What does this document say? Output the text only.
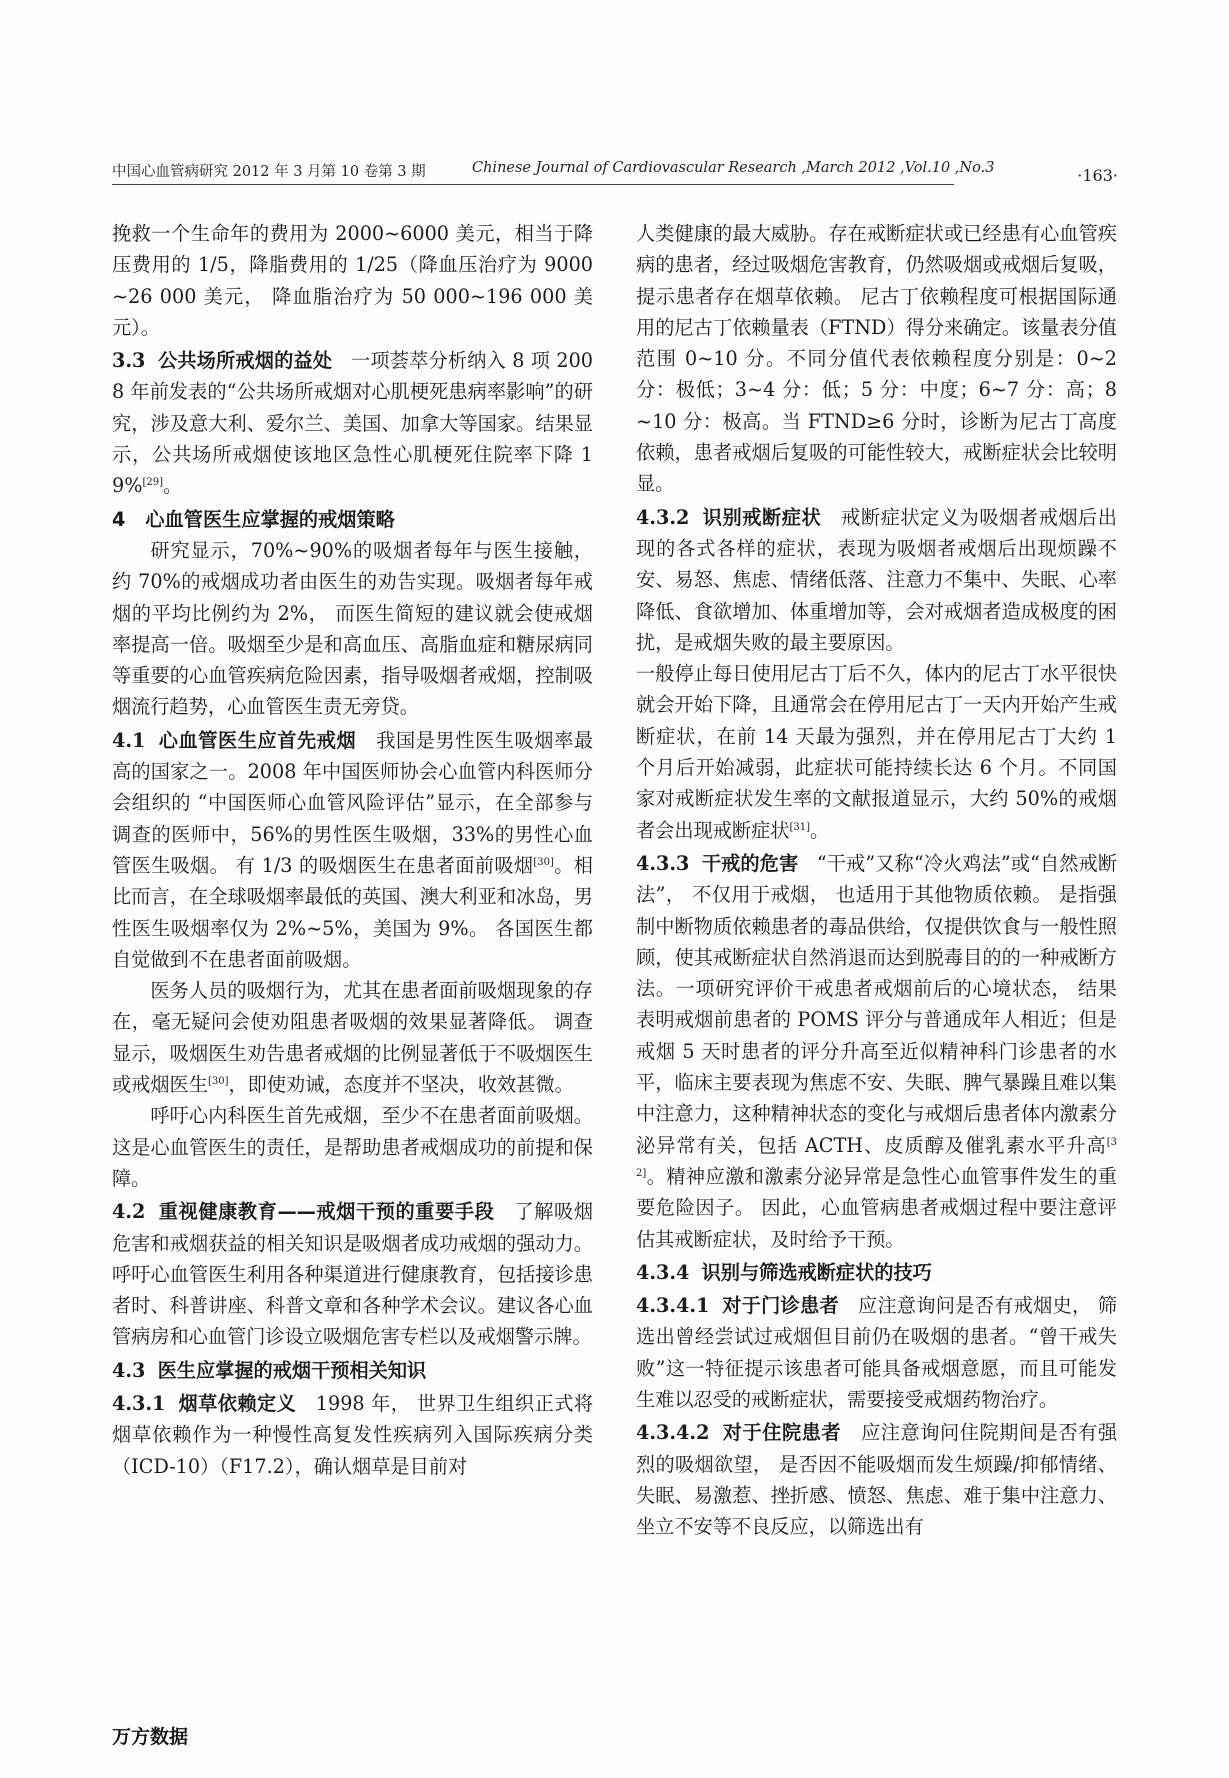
中国心血管病研究 2012 年 3 月第 10 卷第 3 期	Chinese Journal of Cardiovascular Research ,March 2012 ,Vol.10 ,No.3	·163·

挽救一个生命年的费用为 2000~6000 美元，相当于降压费用的 1/5，降脂费用的 1/25（降血压治疗为 9000~26 000 美元， 降血脂治疗为 50 000~196 000 美元）。

3.3 公共场所戒烟的益处 一项荟萃分析纳入 8 项 2008 年前发表的“公共场所戒烟对心肌梗死患病率影响”的研究，涉及意大利、爱尔兰、美国、加拿大等国家。结果显示，公共场所戒烟使该地区急性心肌梗死住院率下降 19%[29]。

4   心血管医生应掌握的戒烟策略

研究显示，70%~90%的吸烟者每年与医生接触，约 70%的戒烟成功者由医生的劝告实现。吸烟者每年戒烟的平均比例约为 2%， 而医生简短的建议就会使戒烟率提高一倍。吸烟至少是和高血压、高脂血症和糖尿病同等重要的心血管疾病危险因素，指导吸烟者戒烟，控制吸烟流行趋势，心血管医生责无旁贷。

4.1 心血管医生应首先戒烟 我国是男性医生吸烟率最高的国家之一。2008 年中国医师协会心血管内科医师分会组织的 “中国医师心血管风险评估”显示，在全部参与调查的医师中，56%的男性医生吸烟，33%的男性心血管医生吸烟。 有 1/3 的吸烟医生在患者面前吸烟[30]。相比而言，在全球吸烟率最低的英国、澳大利亚和冰岛，男性医生吸烟率仅为 2%~5%，美国为 9%。 各国医生都自觉做到不在患者面前吸烟。

医务人员的吸烟行为，尤其在患者面前吸烟现象的存在，毫无疑问会使劝阻患者吸烟的效果显著降低。 调查显示，吸烟医生劝告患者戒烟的比例显著低于不吸烟医生或戒烟医生[30]，即使劝诫，态度并不坚决，收效甚微。

呼吁心内科医生首先戒烟，至少不在患者面前吸烟。这是心血管医生的责任，是帮助患者戒烟成功的前提和保障。

4.2 重视健康教育——戒烟干预的重要手段 了解吸烟危害和戒烟获益的相关知识是吸烟者成功戒烟的强动力。呼吁心血管医生利用各种渠道进行健康教育，包括接诊患者时、科普讲座、科普文章和各种学术会议。建议各心血管病房和心血管门诊设立吸烟危害专栏以及戒烟警示牌。

4.3 医生应掌握的戒烟干预相关知识

4.3.1 烟草依赖定义 1998 年， 世界卫生组织正式将烟草依赖作为一种慢性高复发性疾病列入国际疾病分类（ICD-10）（F17.2），确认烟草是目前对

人类健康的最大威胁。存在戒断症状或已经患有心血管疾病的患者，经过吸烟危害教育，仍然吸烟或戒烟后复吸，提示患者存在烟草依赖。 尼古丁依赖程度可根据国际通用的尼古丁依赖量表（FTND）得分来确定。该量表分值范围 0~10 分。不同分值代表依赖程度分别是：0~2 分：极低；3~4 分：低；5 分：中度；6~7 分：高；8~10 分：极高。当 FTND≥6 分时，诊断为尼古丁高度依赖，患者戒烟后复吸的可能性较大，戒断症状会比较明显。

4.3.2 识别戒断症状 戒断症状定义为吸烟者戒烟后出现的各式各样的症状，表现为吸烟者戒烟后出现烦躁不安、易怒、焦虑、情绪低落、注意力不集中、失眠、心率降低、食欲增加、体重增加等，会对戒烟者造成极度的困扰，是戒烟失败的最主要原因。

一般停止每日使用尼古丁后不久，体内的尼古丁水平很快就会开始下降，且通常会在停用尼古丁一天内开始产生戒断症状，在前 14 天最为强烈，并在停用尼古丁大约 1 个月后开始减弱，此症状可能持续长达 6 个月。不同国家对戒断症状发生率的文献报道显示，大约 50%的戒烟者会出现戒断症状[31]。

4.3.3 干戒的危害 “干戒”又称“冷火鸡法”或“自然戒断法”， 不仅用于戒烟， 也适用于其他物质依赖。 是指强制中断物质依赖患者的毒品供给，仅提供饮食与一般性照顾，使其戒断症状自然消退而达到脱毒目的的一种戒断方法。一项研究评价干戒患者戒烟前后的心境状态， 结果表明戒烟前患者的 POMS 评分与普通成年人相近；但是戒烟 5 天时患者的评分升高至近似精神科门诊患者的水平，临床主要表现为焦虑不安、失眠、脾气暴躁且难以集中注意力，这种精神状态的变化与戒烟后患者体内激素分泌异常有关，包括 ACTH、皮质醇及催乳素水平升高[32]。精神应激和激素分泌异常是急性心血管事件发生的重要危险因子。 因此，心血管病患者戒烟过程中要注意评估其戒断症状，及时给予干预。

4.3.4 识别与筛选戒断症状的技巧

4.3.4.1 对于门诊患者 应注意询问是否有戒烟史， 筛选出曾经尝试过戒烟但目前仍在吸烟的患者。“曾干戒失败”这一特征提示该患者可能具备戒烟意愿，而且可能发生难以忍受的戒断症状，需要接受戒烟药物治疗。

4.3.4.2 对于住院患者 应注意询问住院期间是否有强烈的吸烟欲望， 是否因不能吸烟而发生烦躁/抑郁情绪、失眠、易激惹、挫折感、愤怒、焦虑、难于集中注意力、坐立不安等不良反应，以筛选出有

万方数据
